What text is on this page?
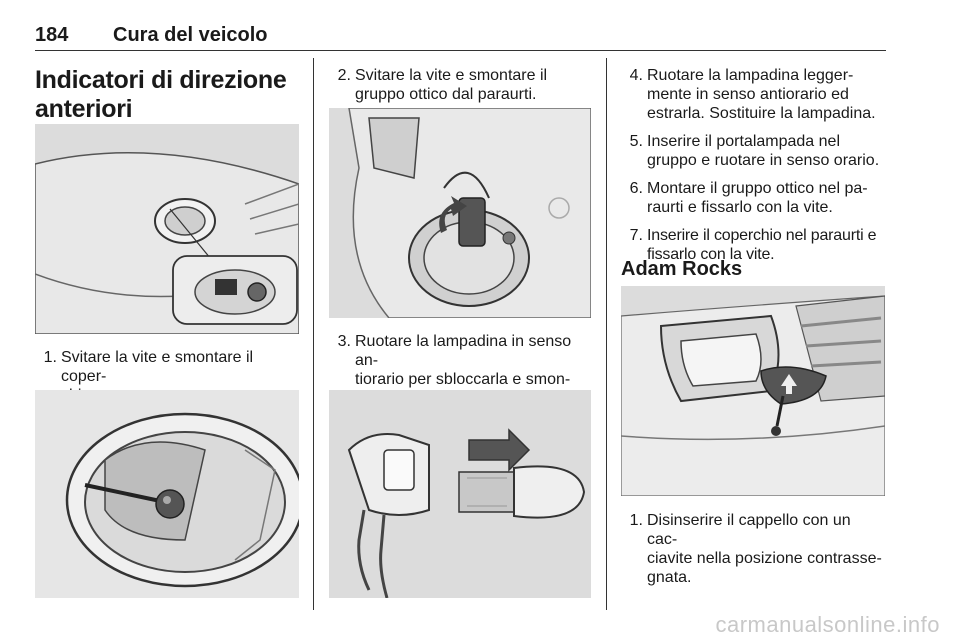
184 Cura del veicolo
Indicatori di direzione
anteriori
1. Svitare la vite e smontare il coper-

2. Svitare la vite e smontare il
gruppo ottico dal paraurti.
3. Ruotare la lampadina in senso an-
tiorario per sbloccarla e smon-

4. Ruotare la lampadina legger-
mente in senso antiorario ed
estrarla. Sostituire la lampadina.
5. Inserire il portalampada nel
gruppo e ruotare in senso orario.
6. Montare il gruppo ottico nel pa-
raurti e fissarlo con la vite.
7. Inserire il coperchio nel paraurti e
fissarlo con la vite.
Adam Rocks
1. Disinserire il cappello con un cac-
ciavite nella posizione contrasse-
gnata.
carmanualsonline.info
